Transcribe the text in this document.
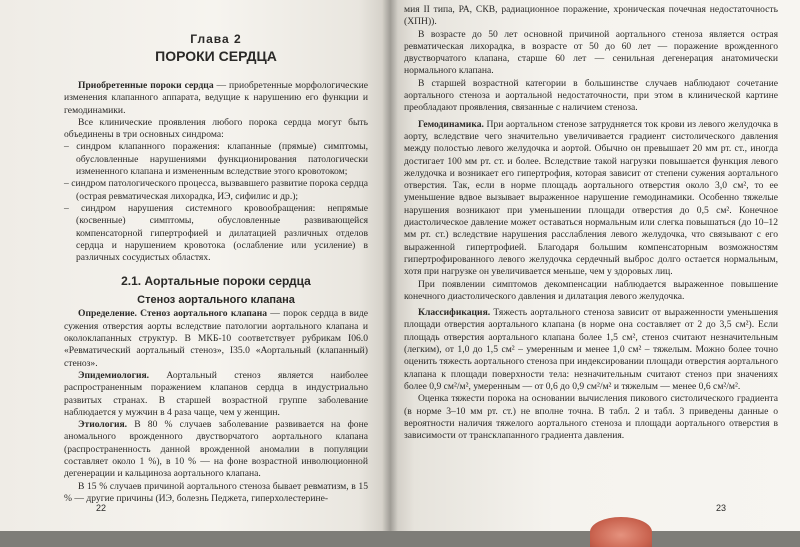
Глава 2
ПОРОКИ СЕРДЦА

Приобретенные пороки сердца — приобретенные морфологические изменения клапанного аппарата, ведущие к нарушению его функции и гемодинамики.

Все клинические проявления любого порока сердца могут быть объединены в три основных синдрома:

– синдром клапанного поражения: клапанные (прямые) симптомы, обусловленные нарушениями функционирования патологически измененного клапана и измененным вследствие этого кровотоком;
– синдром патологического процесса, вызвавшего развитие порока сердца (острая ревматическая лихорадка, ИЭ, сифилис и др.);
– синдром нарушения системного кровообращения: непрямые (косвенные) симптомы, обусловленные развивающейся компенсаторной гипертрофией и дилатацией различных отделов сердца и нарушением кровотока (ослабление или усиление) в различных сосудистых областях.
2.1. Аортальные пороки сердца
Стеноз аортального клапана

Определение. Стеноз аортального клапана — порок сердца в виде сужения отверстия аорты вследствие патологии аортального клапана и околоклапанных структур. В МКБ-10 соответствует рубрикам I06.0 «Ревматический аортальный стеноз», I35.0 «Аортальный (клапанный) стеноз».

Эпидемиология. Аортальный стеноз является наиболее распространенным поражением клапанов сердца в индустриально развитых странах. В старшей возрастной группе заболевание наблюдается у мужчин в 4 раза чаще, чем у женщин.

Этиология. В 80 % случаев заболевание развивается на фоне аномального врожденного двустворчатого аортального клапана (распространенность данной врожденной аномалии в популяции составляет около 1 %), в 10 % — на фоне возрастной инволюционной дегенерации и кальциноза аортального клапана.

В 15 % случаев причиной аортального стеноза бывает ревматизм, в 15 % — другие причины (ИЭ, болезнь Педжета, гиперхолестерине-

22

мия II типа, РА, СКВ, радиационное поражение, хроническая почечная недостаточность (ХПН)).

В возрасте до 50 лет основной причиной аортального стеноза является острая ревматическая лихорадка, в возрасте от 50 до 60 лет — поражение врожденного двустворчатого клапана, старше 60 лет — сенильная дегенерация анатомически нормального клапана.

В старшей возрастной категории в большинстве случаев наблюдают сочетание аортального стеноза и аортальной недостаточности, при этом в клинической картине преобладают проявления, связанные с наличием стеноза.

Гемодинамика. При аортальном стенозе затрудняется ток крови из левого желудочка в аорту, вследствие чего значительно увеличивается градиент систолического давления между полостью левого желудочка и аортой. Обычно он превышает 20 мм рт. ст., иногда достигает 100 мм рт. ст. и более. Вследствие такой нагрузки повышается функция левого желудочка и возникает его гипертрофия, которая зависит от степени сужения аортального отверстия. Так, если в норме площадь аортального отверстия около 3,0 см², то ее уменьшение вдвое вызывает выраженное нарушение гемодинамики. Особенно тяжелые нарушения возникают при уменьшении площади отверстия до 0,5 см². Конечное диастолическое давление может оставаться нормальным или слегка повышаться (до 10–12 мм рт. ст.) вследствие нарушения расслабления левого желудочка, что связывают с его выраженной гипертрофией. Благодаря большим компенсаторным возможностям гипертрофированного левого желудочка сердечный выброс долго остается нормальным, хотя при нагрузке он увеличивается меньше, чем у здоровых лиц.

При появлении симптомов декомпенсации наблюдается выраженное повышение конечного диастолического давления и дилатация левого желудочка.

Классификация. Тяжесть аортального стеноза зависит от выраженности уменьшения площади отверстия аортального клапана (в норме она составляет от 2 до 3,5 см²). Если площадь отверстия аортального клапана более 1,5 см², стеноз считают незначительным (легким), от 1,0 до 1,5 см² – умеренным и менее 1,0 см² – тяжелым. Можно более точно оценить тяжесть аортального стеноза при индексировании площади отверстия аортального клапана к площади поверхности тела: незначительным считают стеноз при значениях более 0,9 см²/м², умеренным — от 0,6 до 0,9 см²/м² и тяжелым — менее 0,6 см²/м².

Оценка тяжести порока на основании вычисления пикового систолического градиента (в норме 3–10 мм рт. ст.) не вполне точна. В табл. 2 и табл. 3 приведены данные о вероятности наличия тяжелого аортального стеноза и площади аортального отверстия в зависимости от трансклапанного градиента давления.

23
